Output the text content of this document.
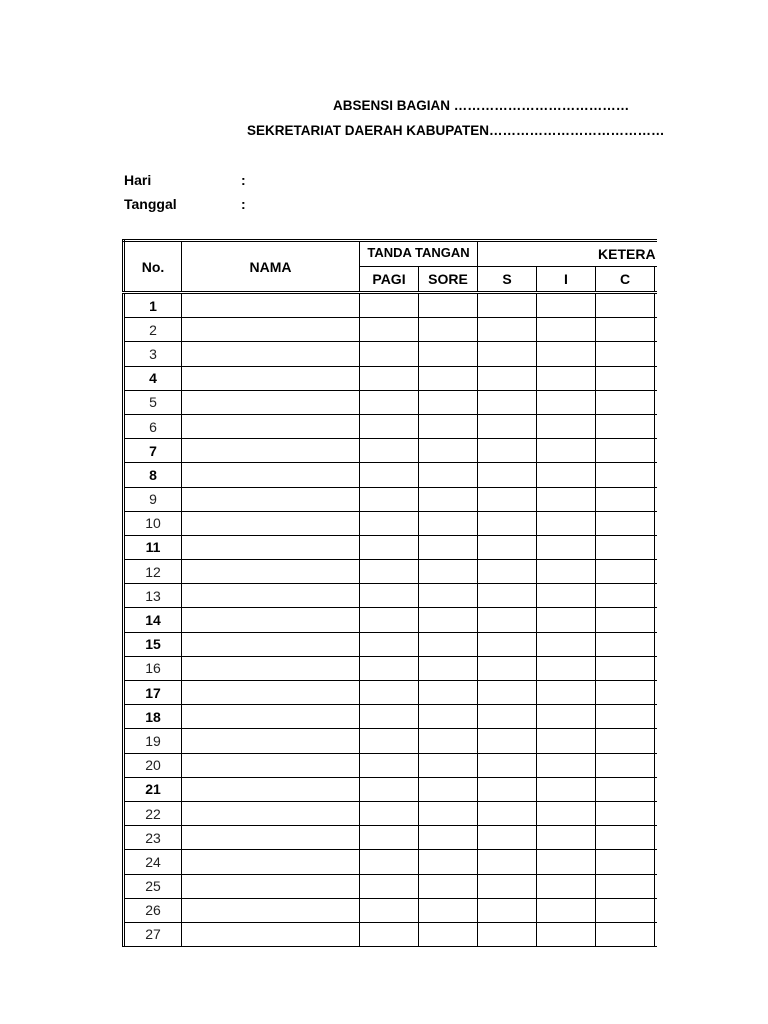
ABSENSI BAGIAN …………………………………
SEKRETARIAT DAERAH KABUPATEN…………………………………
Hari	:
Tanggal	:
No.	NAMA	TANDA TANGAN		KETERA			

		PAGI	SORE	S	I	C	
1							
2							
3							
4							
5							
6							
7							
8							
9							
10							
11							
12							
13							
14							
15							
16							
17							
18							
19							
20							
21							
22							
23							
24							
25							
26							
27							
